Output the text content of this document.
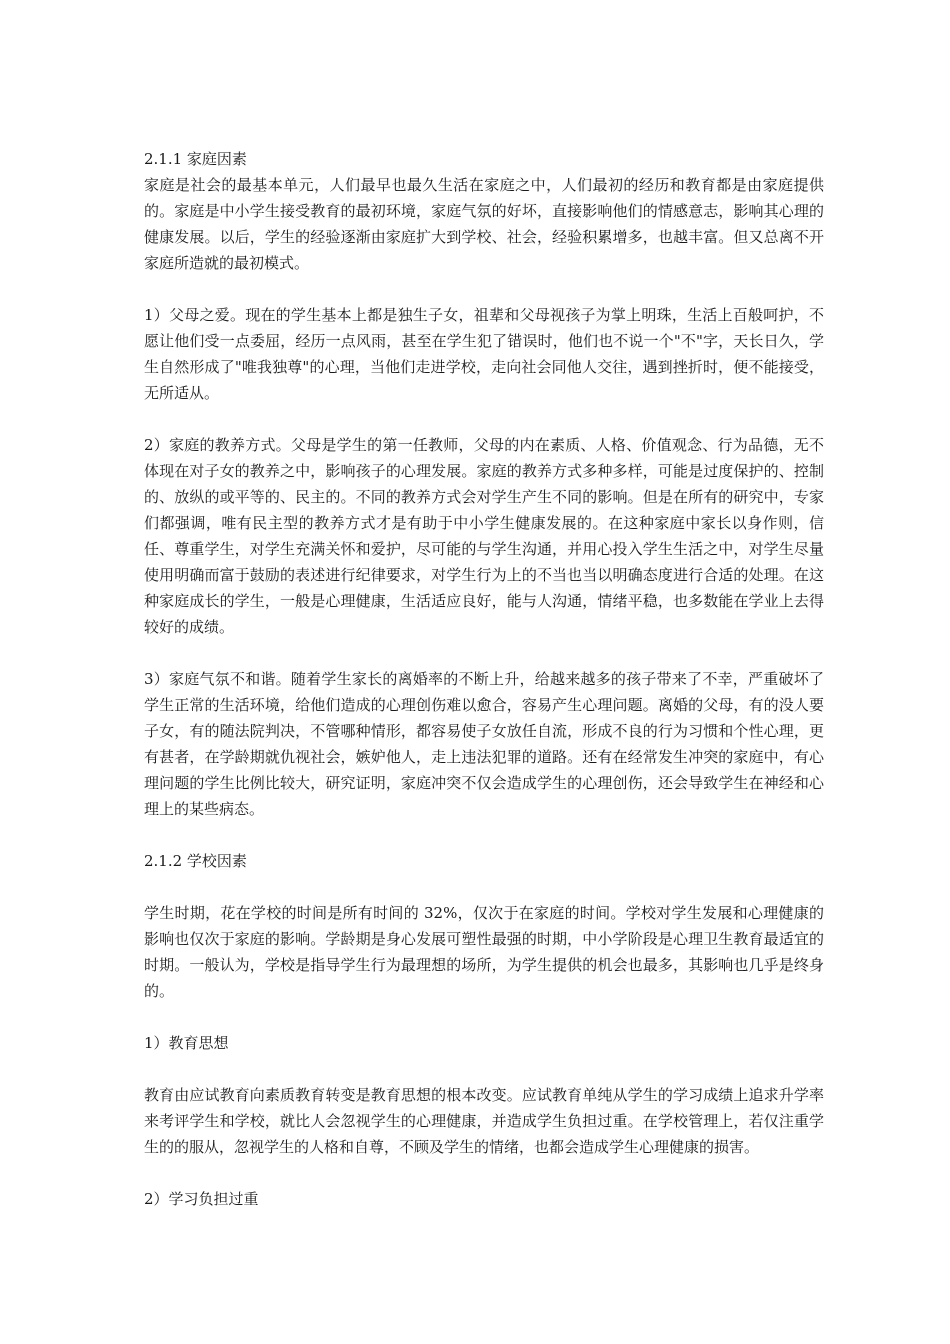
2.1.1 家庭因素

家庭是社会的最基本单元，人们最早也最久生活在家庭之中，人们最初的经历和教育都是由家庭提供的。家庭是中小学生接受教育的最初环境，家庭气氛的好坏，直接影响他们的情感意志，影响其心理的健康发展。以后，学生的经验逐渐由家庭扩大到学校、社会，经验积累增多，也越丰富。但又总离不开家庭所造就的最初模式。

1）父母之爱。现在的学生基本上都是独生子女，祖辈和父母视孩子为掌上明珠，生活上百般呵护，不愿让他们受一点委屈，经历一点风雨，甚至在学生犯了错误时，他们也不说一个"不"字，天长日久，学生自然形成了"唯我独尊"的心理，当他们走进学校，走向社会同他人交往，遇到挫折时，便不能接受，无所适从。

2）家庭的教养方式。父母是学生的第一任教师，父母的内在素质、人格、价值观念、行为品德，无不体现在对子女的教养之中，影响孩子的心理发展。家庭的教养方式多种多样，可能是过度保护的、控制的、放纵的或平等的、民主的。不同的教养方式会对学生产生不同的影响。但是在所有的研究中，专家们都强调，唯有民主型的教养方式才是有助于中小学生健康发展的。在这种家庭中家长以身作则，信任、尊重学生，对学生充满关怀和爱护，尽可能的与学生沟通，并用心投入学生生活之中，对学生尽量使用明确而富于鼓励的表述进行纪律要求，对学生行为上的不当也当以明确态度进行合适的处理。在这种家庭成长的学生，一般是心理健康，生活适应良好，能与人沟通，情绪平稳，也多数能在学业上去得较好的成绩。

3）家庭气氛不和谐。随着学生家长的离婚率的不断上升，给越来越多的孩子带来了不幸，严重破坏了学生正常的生活环境，给他们造成的心理创伤难以愈合，容易产生心理问题。离婚的父母，有的没人要子女，有的随法院判决，不管哪种情形，都容易使子女放任自流，形成不良的行为习惯和个性心理，更有甚者，在学龄期就仇视社会，嫉妒他人，走上违法犯罪的道路。还有在经常发生冲突的家庭中，有心理问题的学生比例比较大，研究证明，家庭冲突不仅会造成学生的心理创伤，还会导致学生在神经和心理上的某些病态。

2.1.2 学校因素

学生时期，花在学校的时间是所有时间的 32%，仅次于在家庭的时间。学校对学生发展和心理健康的影响也仅次于家庭的影响。学龄期是身心发展可塑性最强的时期，中小学阶段是心理卫生教育最适宜的时期。一般认为，学校是指导学生行为最理想的场所，为学生提供的机会也最多，其影响也几乎是终身的。

1）教育思想

教育由应试教育向素质教育转变是教育思想的根本改变。应试教育单纯从学生的学习成绩上追求升学率来考评学生和学校，就比人会忽视学生的心理健康，并造成学生负担过重。在学校管理上，若仅注重学生的的服从，忽视学生的人格和自尊，不顾及学生的情绪，也都会造成学生心理健康的损害。

2）学习负担过重
